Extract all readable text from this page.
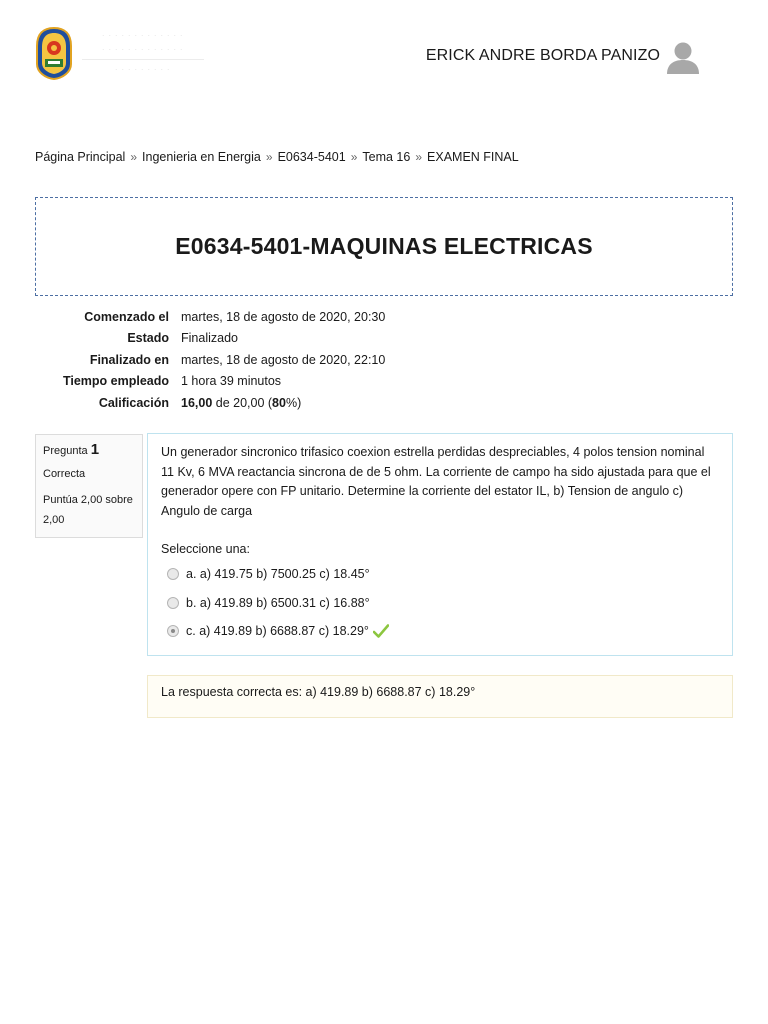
· · · · · · · · · · · · ·
· · · · · · · · · · · · ·
· · · · · · · · ·
ERICK ANDRE BORDA PANIZO
Página Principal » Ingenieria en Energia » E0634-5401 » Tema 16 » EXAMEN FINAL
E0634-5401-MAQUINAS ELECTRICAS
Comenzado el	martes, 18 de agosto de 2020, 20:30
Estado	Finalizado
Finalizado en	martes, 18 de agosto de 2020, 22:10
Tiempo empleado	1 hora 39 minutos
Calificación	16,00 de 20,00 (80%)
Pregunta 1
Correcta
Puntúa 2,00 sobre 2,00
Un generador sincronico trifasico coexion estrella perdidas despreciables, 4 polos tension nominal 11 Kv, 6 MVA reactancia sincrona de de 5 ohm. La corriente de campo ha sido ajustada para que el generador opere con FP unitario. Determine la corriente del estator IL, b) Tension de angulo c) Angulo de carga
Seleccione una:
a. a) 419.75 b) 7500.25 c) 18.45°
b. a) 419.89 b) 6500.31 c) 16.88°
c. a) 419.89 b) 6688.87 c) 18.29°
La respuesta correcta es: a) 419.89 b) 6688.87 c) 18.29°
